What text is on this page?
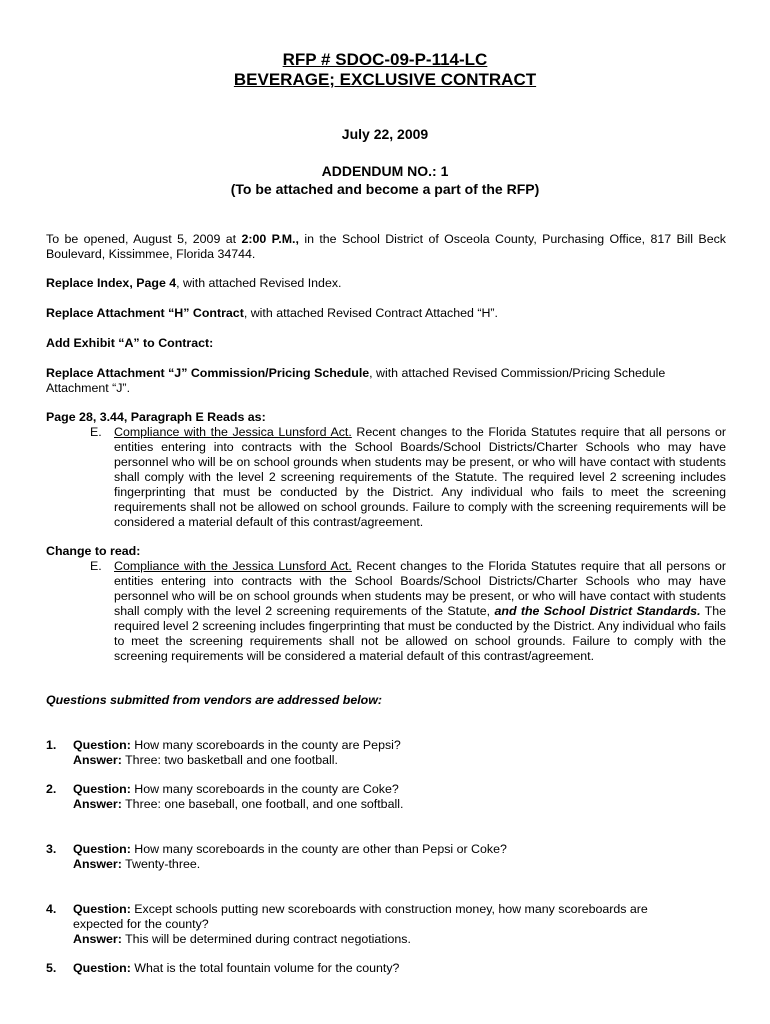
RFP # SDOC-09-P-114-LC
BEVERAGE; EXCLUSIVE CONTRACT
July 22, 2009
ADDENDUM NO.: 1
(To be attached and become a part of the RFP)
To be opened, August 5, 2009 at 2:00 P.M., in the School District of Osceola County, Purchasing Office, 817 Bill Beck Boulevard, Kissimmee, Florida 34744.
Replace Index, Page 4, with attached Revised Index.
Replace Attachment “H” Contract, with attached Revised Contract Attached “H”.
Add Exhibit “A” to Contract:
Replace Attachment “J” Commission/Pricing Schedule, with attached Revised Commission/Pricing Schedule Attachment “J”.
Page 28, 3.44, Paragraph E Reads as:
E. Compliance with the Jessica Lunsford Act. Recent changes to the Florida Statutes require that all persons or entities entering into contracts with the School Boards/School Districts/Charter Schools who may have personnel who will be on school grounds when students may be present, or who will have contact with students shall comply with the level 2 screening requirements of the Statute. The required level 2 screening includes fingerprinting that must be conducted by the District. Any individual who fails to meet the screening requirements shall not be allowed on school grounds. Failure to comply with the screening requirements will be considered a material default of this contrast/agreement.
Change to read:
E. Compliance with the Jessica Lunsford Act. Recent changes to the Florida Statutes require that all persons or entities entering into contracts with the School Boards/School Districts/Charter Schools who may have personnel who will be on school grounds when students may be present, or who will have contact with students shall comply with the level 2 screening requirements of the Statute, and the School District Standards. The required level 2 screening includes fingerprinting that must be conducted by the District. Any individual who fails to meet the screening requirements shall not be allowed on school grounds. Failure to comply with the screening requirements will be considered a material default of this contrast/agreement.
Questions submitted from vendors are addressed below:
1. Question: How many scoreboards in the county are Pepsi?
Answer: Three: two basketball and one football.
2. Question: How many scoreboards in the county are Coke?
Answer: Three: one baseball, one football, and one softball.
3. Question: How many scoreboards in the county are other than Pepsi or Coke?
Answer: Twenty-three.
4. Question: Except schools putting new scoreboards with construction money, how many scoreboards are expected for the county?
Answer: This will be determined during contract negotiations.
5. Question: What is the total fountain volume for the county?
